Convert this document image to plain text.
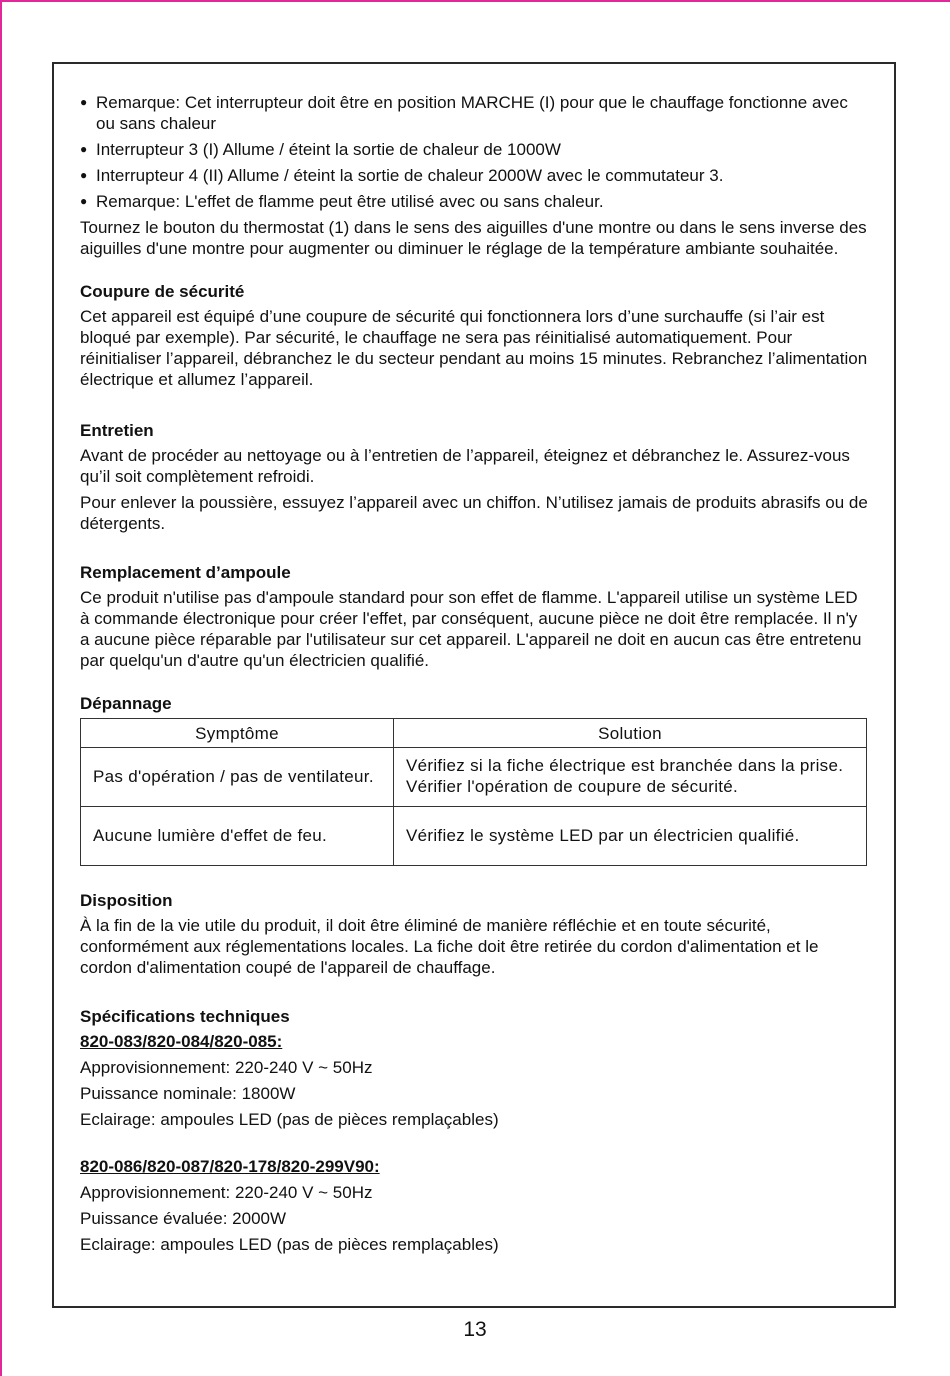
● Remarque: Cet interrupteur doit être en position MARCHE (I) pour que le chauffage fonctionne avec ou sans chaleur
● Interrupteur 3 (I) Allume / éteint la sortie de chaleur de 1000W
● Interrupteur 4 (II) Allume / éteint la sortie de chaleur 2000W avec le commutateur 3.
● Remarque: L'effet de flamme peut être utilisé avec ou sans chaleur.

Tournez le bouton du thermostat (1) dans le sens des aiguilles d'une montre ou dans le sens inverse des aiguilles d'une montre pour augmenter ou diminuer le réglage de la température ambiante souhaitée.

Coupure de sécurité

Cet appareil est équipé d’une coupure de sécurité qui fonctionnera lors d’une surchauffe (si l’air est bloqué par exemple). Par sécurité, le chauffage ne sera pas réinitialisé automatiquement. Pour réinitialiser l’appareil, débranchez le du secteur pendant au moins 15 minutes. Rebranchez l’alimentation électrique et allumez l’appareil.

Entretien

Avant de procéder au nettoyage ou à l’entretien de l’appareil, éteignez et débranchez le. Assurez-vous qu’il soit complètement refroidi.

Pour enlever la poussière, essuyez l’appareil avec un chiffon. N’utilisez jamais de produits abrasifs ou de détergents.

Remplacement d’ampoule

Ce produit n'utilise pas d'ampoule standard pour son effet de flamme. L'appareil utilise un système LED à commande électronique pour créer l'effet, par conséquent, aucune pièce ne doit être remplacée. Il n'y a aucune pièce réparable par l'utilisateur sur cet appareil. L'appareil ne doit en aucun cas être entretenu par quelqu'un d'autre qu'un électricien qualifié.

Dépannage
Symptôme	Solution
Pas d'opération / pas de ventilateur.	Vérifiez si la fiche électrique est branchée dans la prise. Vérifier l'opération de coupure de sécurité.
Aucune lumière d'effet de feu.	Vérifiez le système LED par un électricien qualifié.
Disposition

À la fin de la vie utile du produit, il doit être éliminé de manière réfléchie et en toute sécurité, conformément aux réglementations locales. La fiche doit être retirée du cordon d'alimentation et le cordon d'alimentation coupé de l'appareil de chauffage.

Spécifications techniques
820-083/820-084/820-085:
Approvisionnement: 220-240 V ~ 50Hz
Puissance nominale: 1800W
Eclairage: ampoules LED (pas de pièces remplaçables)
820-086/820-087/820-178/820-299V90:
Approvisionnement: 220-240 V ~ 50Hz
Puissance évaluée: 2000W
Eclairage: ampoules LED (pas de pièces remplaçables)
13
